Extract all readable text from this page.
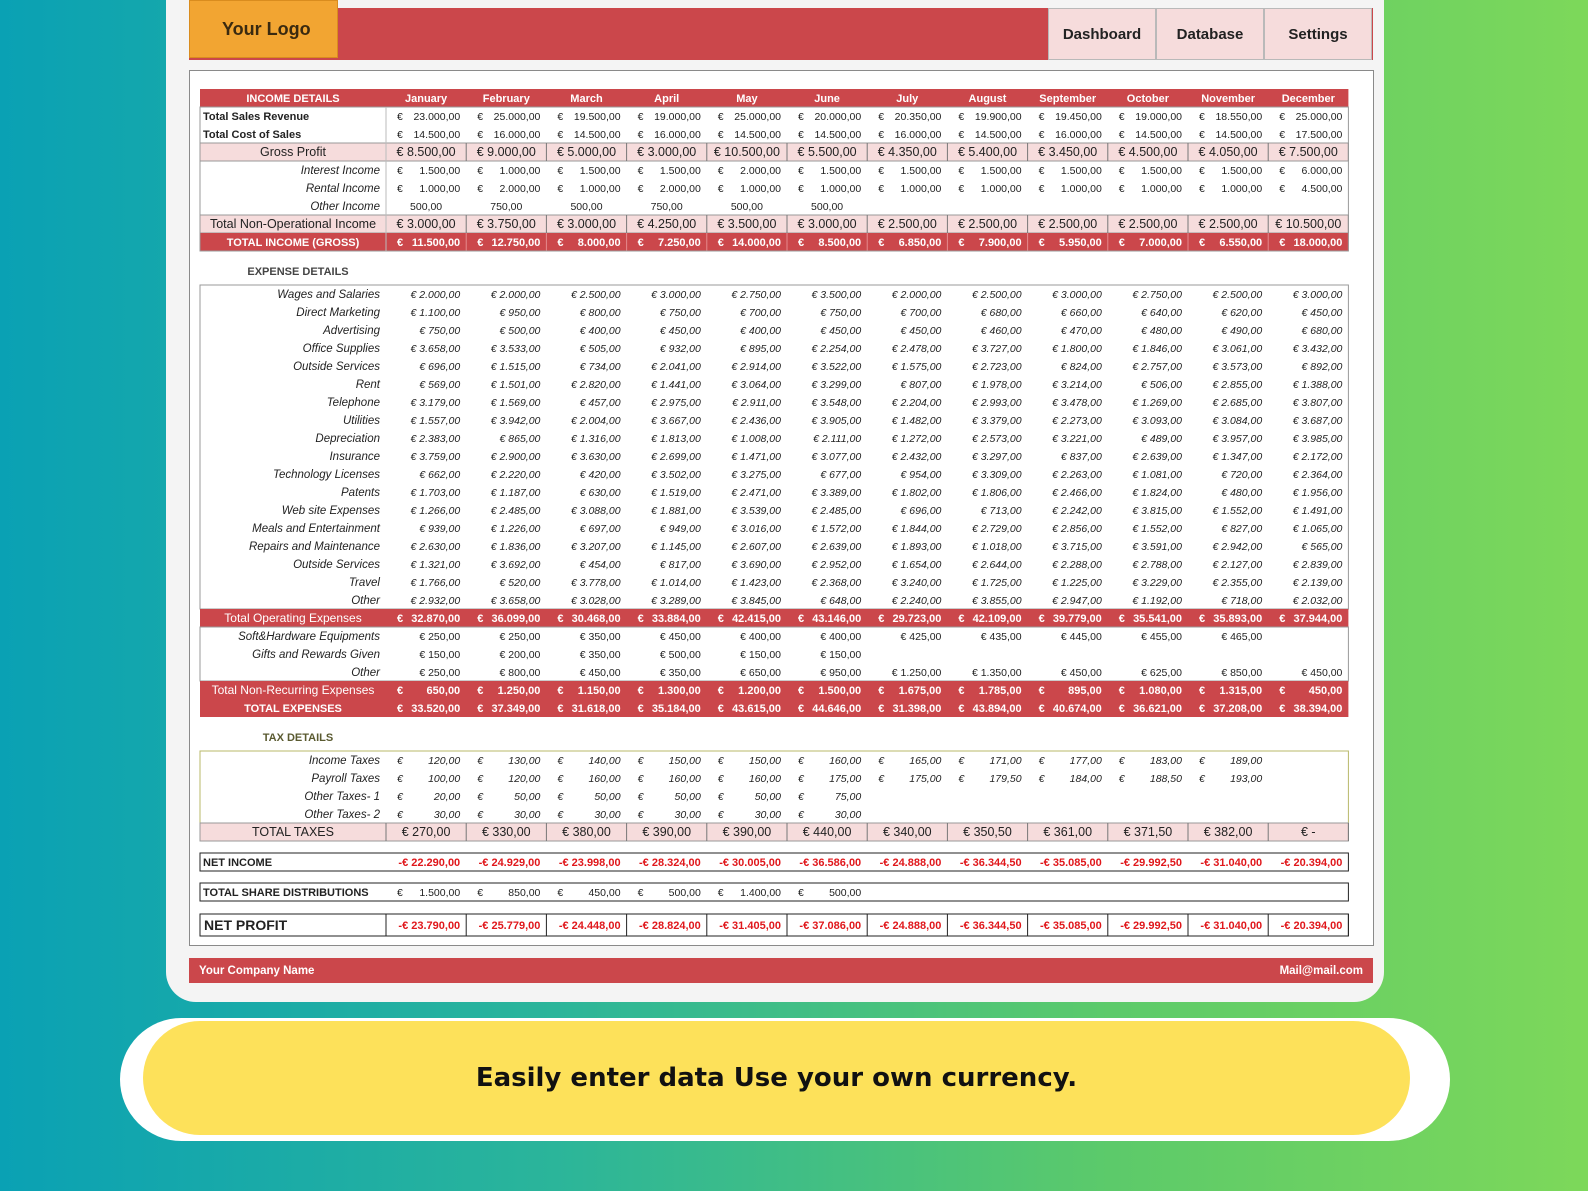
Your Logo	Dashboard	Database	Settings
INCOME DETAILS	January	February	March	April	May	June	July	August	September	October	November December
Total Sales Revenue	€ 23.000,00 € 25.000,00 € 19.500,00 € 19.000,00 € 25.000,00 € 20.000,00 € 20.350,00 € 19.900,00 € 19.450,00 € 19.000,00 € 18.550,00 € 25.000,00
Total Cost of Sales	€ 14.500,00 € 16.000,00 € 14.500,00 € 16.000,00 € 14.500,00 € 14.500,00 € 16.000,00 € 14.500,00 € 16.000,00 € 14.500,00 € 14.500,00 € 17.500,00
Gross Profit	€ 8.500,00 € 9.000,00 € 5.000,00 € 3.000,00 € 10.500,00 € 5.500,00 € 4.350,00 € 5.400,00 € 3.450,00 € 4.500,00 € 4.050,00 € 7.500,00
Interest Income € 1.500,00 € 1.000,00 € 1.500,00 € 1.500,00 € 2.000,00 € 1.500,00 € 1.500,00 € 1.500,00 € 1.500,00 € 1.500,00 € 1.500,00 € 6.000,00
Rental Income € 1.000,00 € 2.000,00 € 1.000,00 € 2.000,00 € 1.000,00 € 1.000,00 € 1.000,00 € 1.000,00 € 1.000,00 € 1.000,00 € 1.000,00 € 4.500,00
Other Income	500,00	750,00	500,00	750,00	500,00	500,00
Total Non-Operational Income € 3.000,00 € 3.750,00 € 3.000,00 € 4.250,00 € 3.500,00 € 3.000,00 € 2.500,00 € 2.500,00 € 2.500,00 € 2.500,00 € 2.500,00 € 10.500,00
TOTAL INCOME (GROSS)	€ 11.500,00 € 12.750,00 € 8.000,00 € 7.250,00 € 14.000,00 € 8.500,00 € 6.850,00 € 7.900,00 € 5.950,00 € 7.000,00 € 6.550,00 € 18.000,00
EXPENSE DETAILS
Wages and Salaries	€ 2.000,00	€ 2.000,00	€ 2.500,00	€ 3.000,00	€ 2.750,00	€ 3.500,00	€ 2.000,00	€ 2.500,00	€ 3.000,00	€ 2.750,00	€ 2.500,00	€ 3.000,00
Direct Marketing	€ 1.100,00	€ 950,00	€ 800,00	€ 750,00	€ 700,00	€ 750,00	€ 700,00	€ 680,00	€ 660,00	€ 640,00	€ 620,00	€ 450,00
Advertising	€ 750,00	€ 500,00	€ 400,00	€ 450,00	€ 400,00	€ 450,00	€ 450,00	€ 460,00	€ 470,00	€ 480,00	€ 490,00	€ 680,00
Office Supplies	€ 3.658,00	€ 3.533,00	€ 505,00	€ 932,00	€ 895,00	€ 2.254,00	€ 2.478,00	€ 3.727,00	€ 1.800,00	€ 1.846,00	€ 3.061,00	€ 3.432,00
Outside Services	€ 696,00	€ 1.515,00	€ 734,00	€ 2.041,00	€ 2.914,00	€ 3.522,00	€ 1.575,00	€ 2.723,00	€ 824,00	€ 2.757,00	€ 3.573,00	€ 892,00
Rent	€ 569,00	€ 1.501,00	€ 2.820,00	€ 1.441,00	€ 3.064,00	€ 3.299,00	€ 807,00	€ 1.978,00	€ 3.214,00	€ 506,00	€ 2.855,00	€ 1.388,00
Telephone	€ 3.179,00	€ 1.569,00	€ 457,00	€ 2.975,00	€ 2.911,00	€ 3.548,00	€ 2.204,00	€ 2.993,00	€ 3.478,00	€ 1.269,00	€ 2.685,00	€ 3.807,00
Utilities	€ 1.557,00	€ 3.942,00	€ 2.004,00	€ 3.667,00	€ 2.436,00	€ 3.905,00	€ 1.482,00	€ 3.379,00	€ 2.273,00	€ 3.093,00	€ 3.084,00	€ 3.687,00
Depreciation	€ 2.383,00	€ 865,00	€ 1.316,00	€ 1.813,00	€ 1.008,00	€ 2.111,00	€ 1.272,00	€ 2.573,00	€ 3.221,00	€ 489,00	€ 3.957,00	€ 3.985,00
Insurance	€ 3.759,00	€ 2.900,00	€ 3.630,00	€ 2.699,00	€ 1.471,00	€ 3.077,00	€ 2.432,00	€ 3.297,00	€ 837,00	€ 2.639,00	€ 1.347,00	€ 2.172,00
Technology Licenses	€ 662,00	€ 2.220,00	€ 420,00	€ 3.502,00	€ 3.275,00	€ 677,00	€ 954,00	€ 3.309,00	€ 2.263,00	€ 1.081,00	€ 720,00	€ 2.364,00
Patents	€ 1.703,00	€ 1.187,00	€ 630,00	€ 1.519,00	€ 2.471,00	€ 3.389,00	€ 1.802,00	€ 1.806,00	€ 2.466,00	€ 1.824,00	€ 480,00	€ 1.956,00
Web site Expenses	€ 1.266,00	€ 2.485,00	€ 3.088,00	€ 1.881,00	€ 3.539,00	€ 2.485,00	€ 696,00	€ 713,00	€ 2.242,00	€ 3.815,00	€ 1.552,00	€ 1.491,00
Meals and Entertainment	€ 939,00	€ 1.226,00	€ 697,00	€ 949,00	€ 3.016,00	€ 1.572,00	€ 1.844,00	€ 2.729,00	€ 2.856,00	€ 1.552,00	€ 827,00	€ 1.065,00
Repairs and Maintenance	€ 2.630,00	€ 1.836,00	€ 3.207,00	€ 1.145,00	€ 2.607,00	€ 2.639,00	€ 1.893,00	€ 1.018,00	€ 3.715,00	€ 3.591,00	€ 2.942,00	€ 565,00
Outside Services	€ 1.321,00	€ 3.692,00	€ 454,00	€ 817,00	€ 3.690,00	€ 2.952,00	€ 1.654,00	€ 2.644,00	€ 2.288,00	€ 2.788,00	€ 2.127,00	€ 2.839,00
Travel	€ 1.766,00	€ 520,00	€ 3.778,00	€ 1.014,00	€ 1.423,00	€ 2.368,00	€ 3.240,00	€ 1.725,00	€ 1.225,00	€ 3.229,00	€ 2.355,00	€ 2.139,00
Other	€ 2.932,00	€ 3.658,00	€ 3.028,00	€ 3.289,00	€ 3.845,00	€ 648,00	€ 2.240,00	€ 3.855,00	€ 2.947,00	€ 1.192,00	€ 718,00	€ 2.032,00
Total Operating Expenses	€ 32.870,00 € 36.099,00 € 30.468,00 € 33.884,00 € 42.415,00 € 43.146,00 € 29.723,00 € 42.109,00 € 39.779,00 € 35.541,00 € 35.893,00 € 37.944,00
Soft&Hardware Equipments	€ 250,00	€ 250,00	€ 350,00	€ 450,00	€ 400,00	€ 400,00	€ 425,00	€ 435,00	€ 445,00	€ 455,00	€ 465,00
Gifts and Rewards Given	€ 150,00	€ 200,00	€ 350,00	€ 500,00	€ 150,00	€ 150,00
Other	€ 250,00	€ 800,00	€ 450,00	€ 350,00	€ 650,00	€ 950,00	€ 1.250,00	€ 1.350,00	€ 450,00	€ 625,00	€ 850,00	€ 450,00
Total Non-Recurring Expenses € 650,00 € 1.250,00 € 1.150,00 € 1.300,00 € 1.200,00 € 1.500,00 € 1.675,00 € 1.785,00 € 895,00 € 1.080,00 € 1.315,00 € 450,00
TOTAL EXPENSES	€ 33.520,00 € 37.349,00 € 31.618,00 € 35.184,00 € 43.615,00 € 44.646,00 € 31.398,00 € 43.894,00 € 40.674,00 € 36.621,00 € 37.208,00 € 38.394,00
TAX DETAILS
Income Taxes € 120,00 € 130,00 € 140,00 € 150,00 € 150,00 € 160,00 € 165,00 € 171,00 € 177,00 € 183,00 € 189,00
Payroll Taxes € 100,00 € 120,00 € 160,00 € 160,00 € 160,00 € 175,00 € 175,00 € 179,50 € 184,00 € 188,50 € 193,00
Other Taxes- 1 €	20,00 €	50,00 €	50,00 €	50,00 €	50,00 €	75,00
Other Taxes- 2 €	30,00 €	30,00 €	30,00 €	30,00 €	30,00 €	30,00
TOTAL TAXES	€ 270,00	€ 330,00	€ 380,00	€ 390,00	€ 390,00	€ 440,00	€ 340,00	€ 350,50	€ 361,00	€ 371,50	€ 382,00	€ -
NET INCOME	-€ 22.290,00 -€ 24.929,00 -€ 23.998,00 -€ 28.324,00 -€ 30.005,00 -€ 36.586,00 -€ 24.888,00 -€ 36.344,50 -€ 35.085,00 -€ 29.992,50 -€ 31.040,00 -€ 20.394,00
TOTAL SHARE DISTRIBUTIONS	€ 1.500,00 € 850,00 € 450,00 € 500,00 € 1.400,00 € 500,00
NET PROFIT	-€ 23.790,00 -€ 25.779,00 -€ 24.448,00 -€ 28.824,00 -€ 31.405,00 -€ 37.086,00 -€ 24.888,00 -€ 36.344,50 -€ 35.085,00 -€ 29.992,50 -€ 31.040,00 -€ 20.394,00
Your Company Name	Mail@mail.com
Easily enter data Use your own currency.
